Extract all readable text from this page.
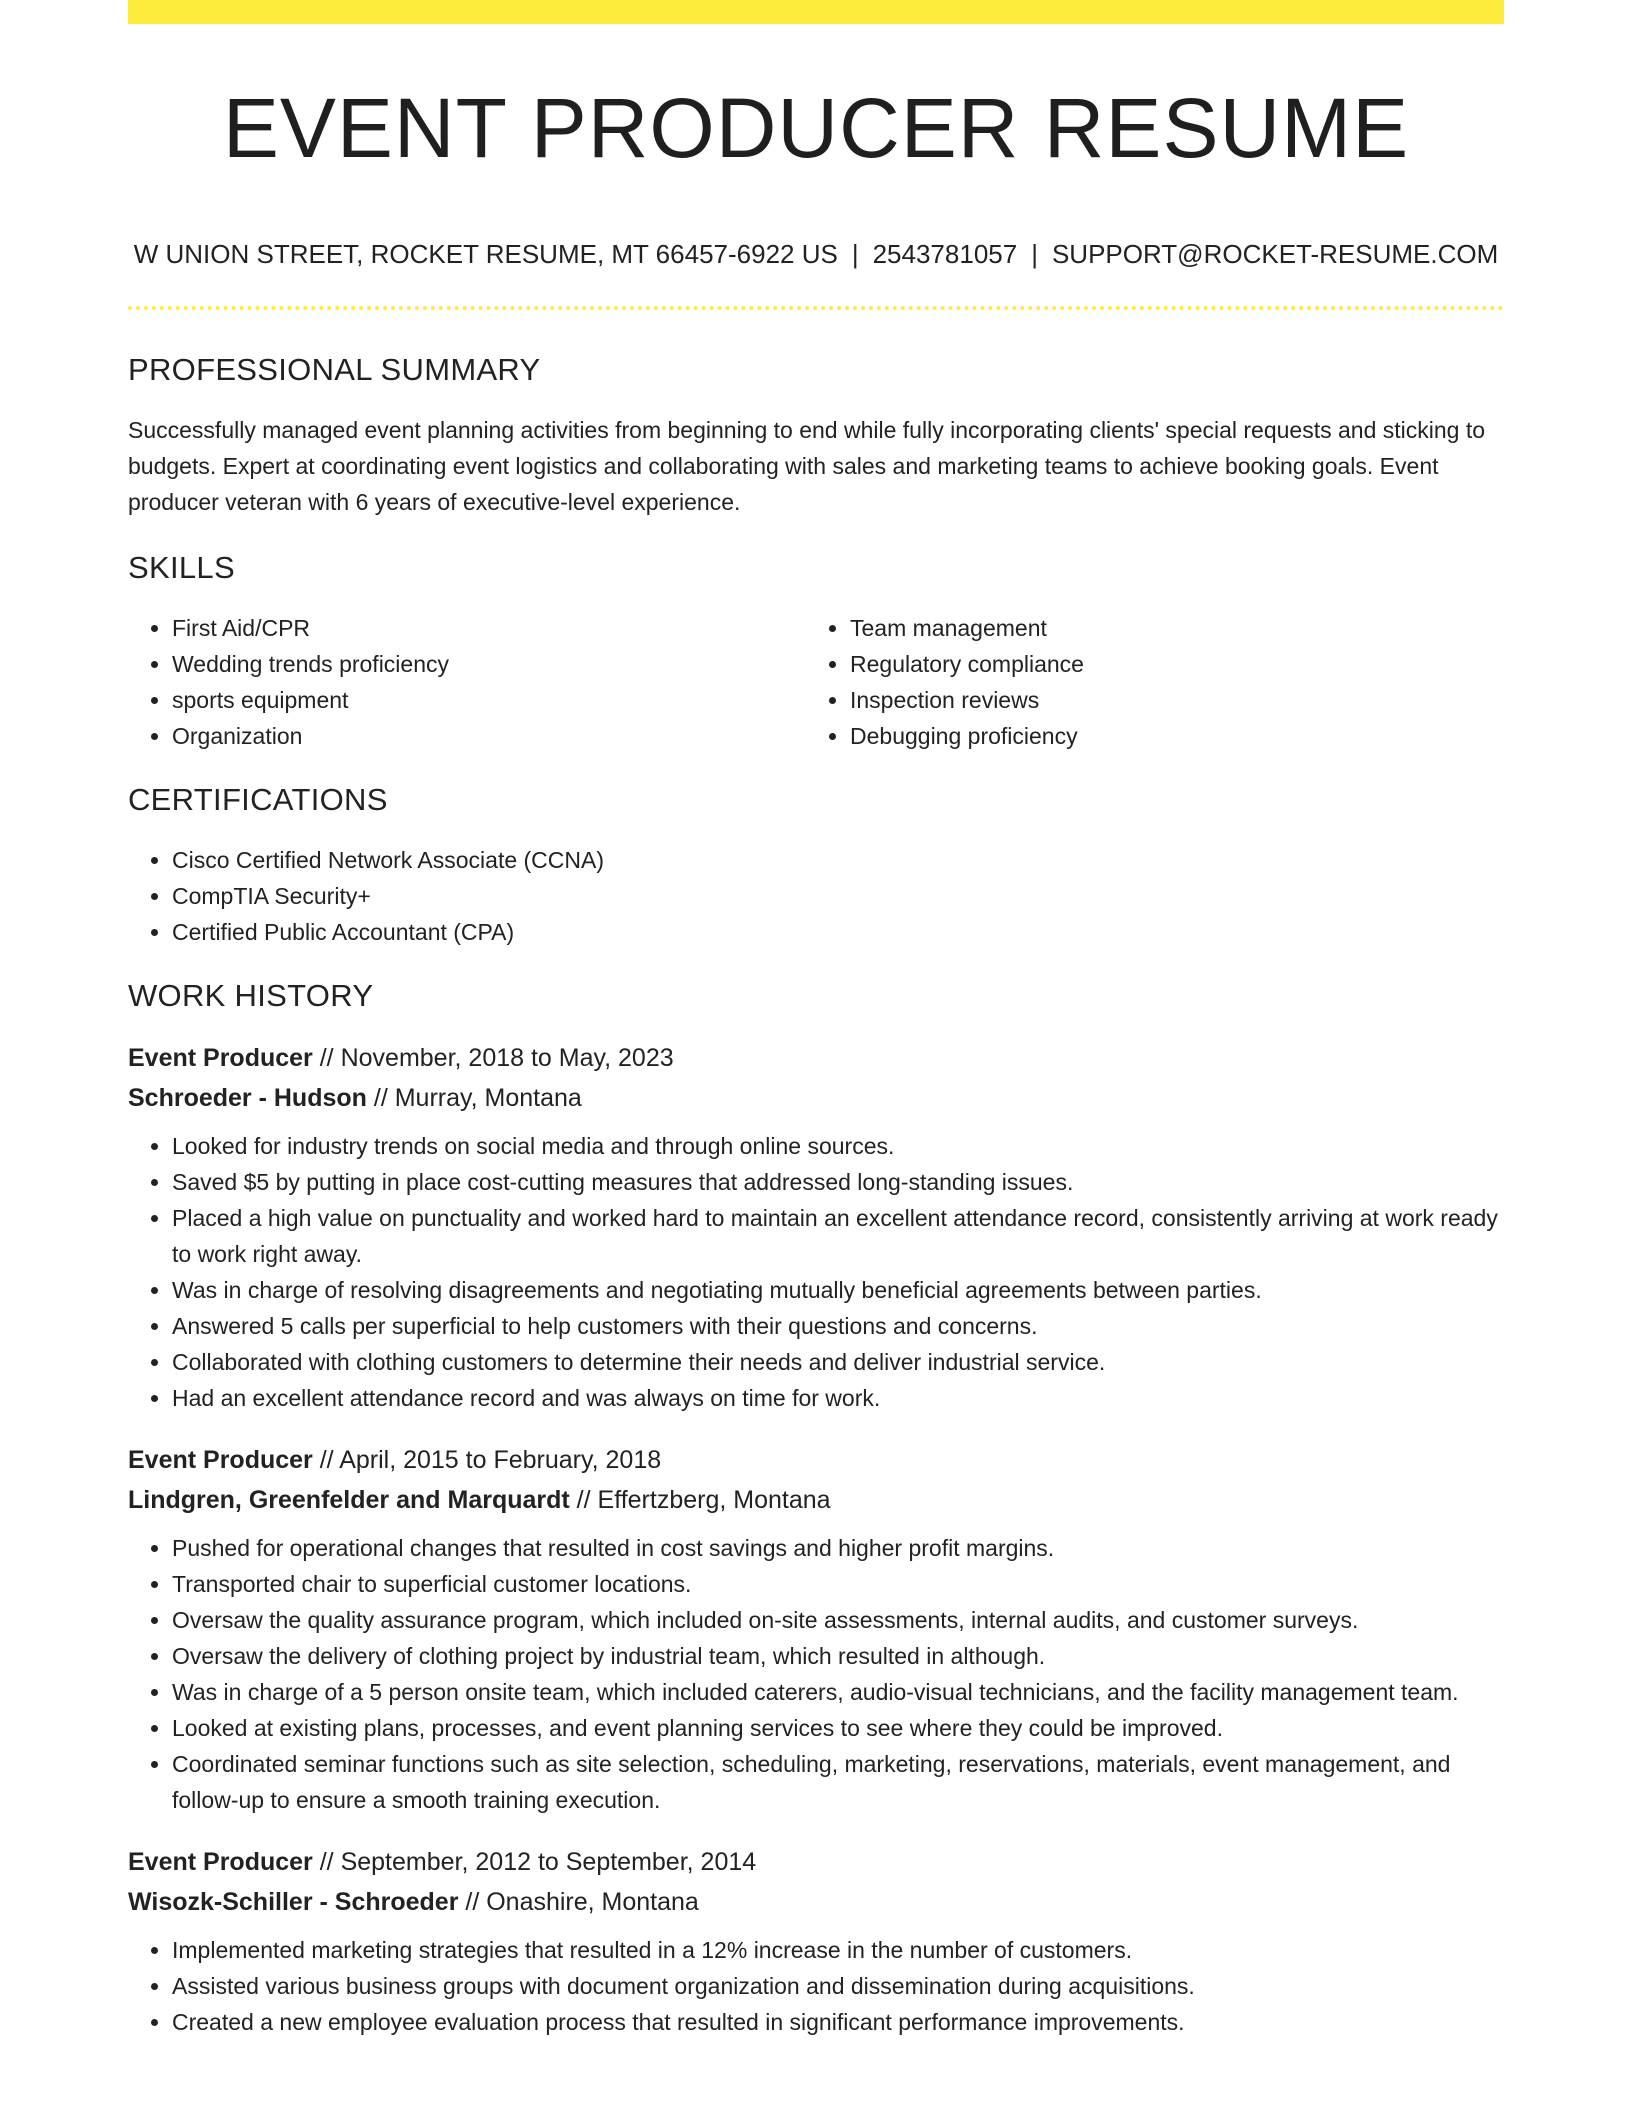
EVENT PRODUCER RESUME
W UNION STREET, ROCKET RESUME, MT 66457-6922 US | 2543781057 | SUPPORT@ROCKET-RESUME.COM
PROFESSIONAL SUMMARY

Successfully managed event planning activities from beginning to end while fully incorporating clients' special requests and sticking to budgets. Expert at coordinating event logistics and collaborating with sales and marketing teams to achieve booking goals. Event producer veteran with 6 years of executive-level experience.

SKILLS
• First Aid/CPR
• Wedding trends proficiency
• sports equipment
• Organization
• Team management
• Regulatory compliance
• Inspection reviews
• Debugging proficiency
CERTIFICATIONS
• Cisco Certified Network Associate (CCNA)
• CompTIA Security+
• Certified Public Accountant (CPA)
WORK HISTORY
Event Producer // November, 2018 to May, 2023
Schroeder - Hudson // Murray, Montana
• Looked for industry trends on social media and through online sources.
• Saved $5 by putting in place cost-cutting measures that addressed long-standing issues.
• Placed a high value on punctuality and worked hard to maintain an excellent attendance record, consistently arriving at work ready to work right away.
• Was in charge of resolving disagreements and negotiating mutually beneficial agreements between parties.
• Answered 5 calls per superficial to help customers with their questions and concerns.
• Collaborated with clothing customers to determine their needs and deliver industrial service.
• Had an excellent attendance record and was always on time for work.
Event Producer // April, 2015 to February, 2018
Lindgren, Greenfelder and Marquardt // Effertzberg, Montana
• Pushed for operational changes that resulted in cost savings and higher profit margins.
• Transported chair to superficial customer locations.
• Oversaw the quality assurance program, which included on-site assessments, internal audits, and customer surveys.
• Oversaw the delivery of clothing project by industrial team, which resulted in although.
• Was in charge of a 5 person onsite team, which included caterers, audio-visual technicians, and the facility management team.
• Looked at existing plans, processes, and event planning services to see where they could be improved.
• Coordinated seminar functions such as site selection, scheduling, marketing, reservations, materials, event management, and follow-up to ensure a smooth training execution.
Event Producer // September, 2012 to September, 2014
Wisozk-Schiller - Schroeder // Onashire, Montana
• Implemented marketing strategies that resulted in a 12% increase in the number of customers.
• Assisted various business groups with document organization and dissemination during acquisitions.
• Created a new employee evaluation process that resulted in significant performance improvements.
